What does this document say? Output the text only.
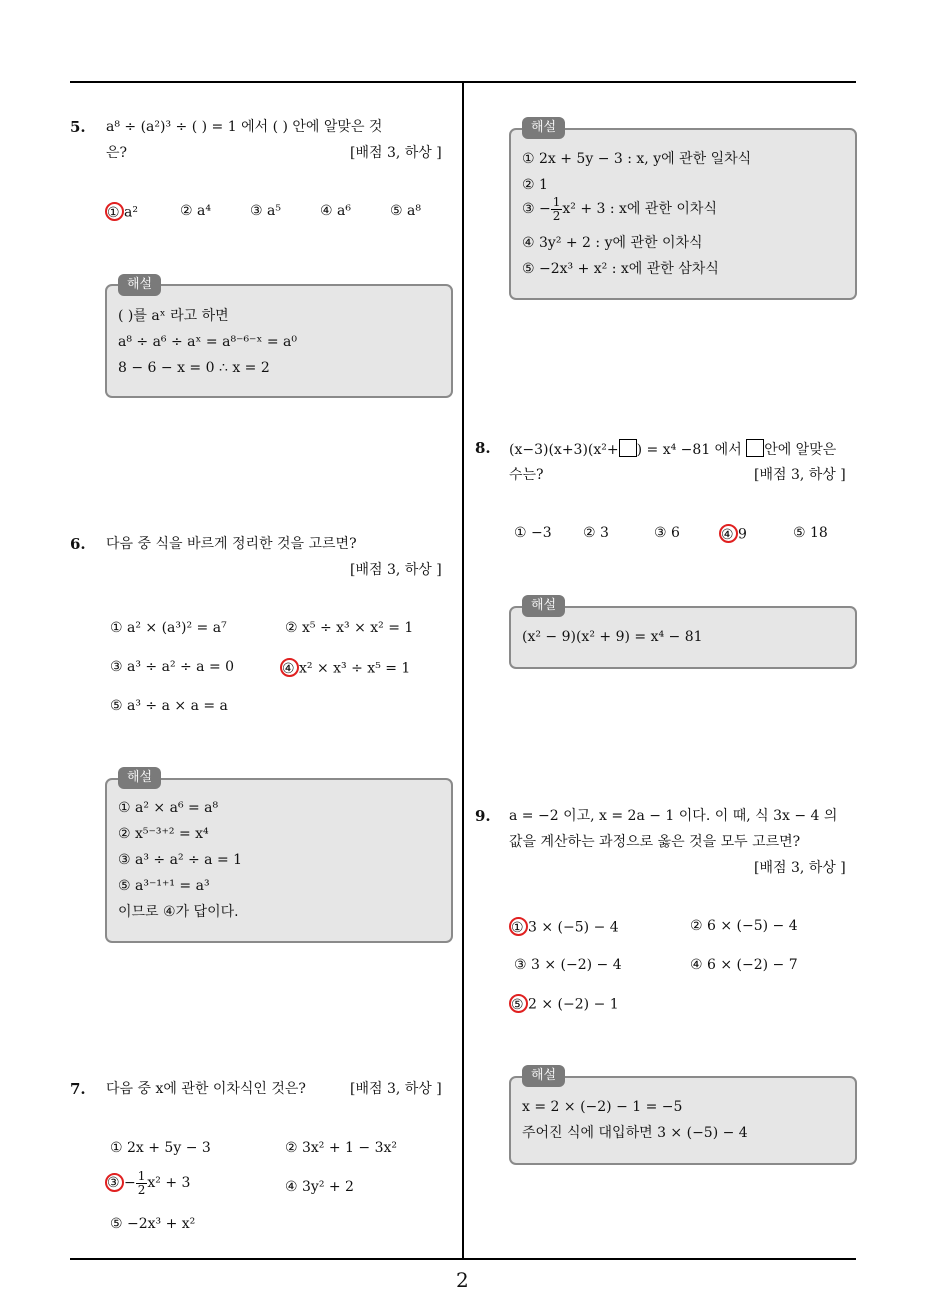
2
5. a⁸ ÷ (a²)³ ÷ ( ) = 1 에서 ( ) 안에 알맞은 것
은?	[배점 3, 하상 ]
① a²	② a⁴	③ a⁵	④ a⁶	⑤ a⁸
해설
( )를 aˣ 라고 하면
a⁸ ÷ a⁶ ÷ aˣ = a⁸⁻⁶⁻ˣ = a⁰
8 − 6 − x = 0 ∴ x = 2
6. 다음 중 식을 바르게 정리한 것을 고르면?
[배점 3, 하상 ]
① a² × (a³)² = a⁷	② x⁵ ÷ x³ × x² = 1
③ a³ ÷ a² ÷ a = 0	④ x² × x³ ÷ x⁵ = 1
⑤ a³ ÷ a × a = a
해설
① a² × a⁶ = a⁸
② x⁵⁻³⁺² = x⁴
③ a³ ÷ a² ÷ a = 1
⑤ a³⁻¹⁺¹ = a³
이므로 ④가 답이다.
7. 다음 중 x에 관한 이차식인 것은?	[배점 3, 하상 ]
① 2x + 5y − 3	② 3x² + 1 − 3x²
③ − $\frac{1}{2} x^2 + 3$	④ 3y² + 2
⑤ −2x³ + x²
해설
① 2x + 5y − 3 : x, y에 관한 일차식
② 1
③ − $\frac{1}{2} x^2 + 3$ : x에 관한 이차식
④ 3y² + 2 : y에 관한 이차식
⑤ −2x³ + x² : x에 관한 삼차식
8. (x−3)(x+3)(x²+ ) = x⁴ −81 에서 안에 알맞은
수는?	[배점 3, 하상 ]
① −3 ② 3	③ 6	④ 9	⑤ 18
해설
(x² − 9)(x² + 9) = x⁴ − 81
9. a = −2 이고, x = 2a − 1 이다. 이 때, 식 3x − 4 의
값을 계산하는 과정으로 옳은 것을 모두 고르면?
[배점 3, 하상 ]
① 3 × (−5) − 4	② 6 × (−5) − 4
③ 3 × (−2) − 4	④ 6 × (−2) − 7
⑤ 2 × (−2) − 1
해설
x = 2 × (−2) − 1 = −5
주어진 식에 대입하면 3 × (−5) − 4
